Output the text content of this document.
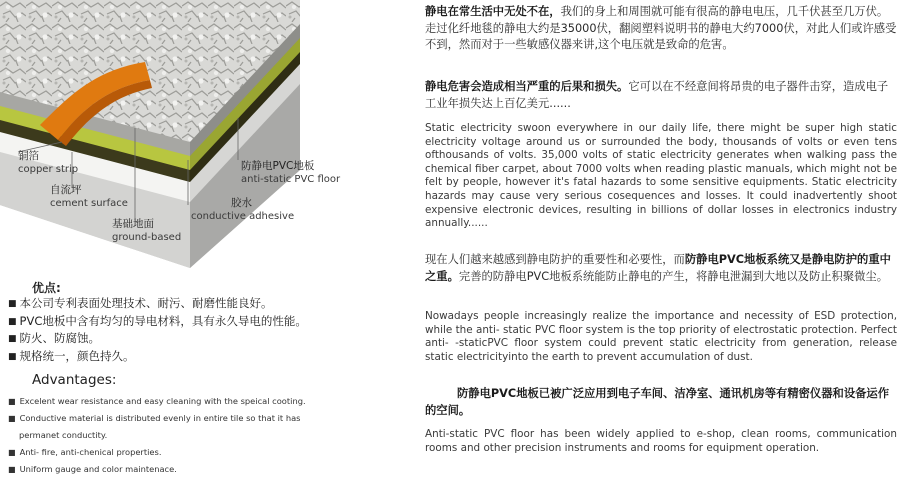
铜箔
copper strip
自流坪
cement surface
基础地面
ground-based
防静电PVC地板
anti-static PVC floor
胶水
conductive adhesive
优点:
■ 本公司专利表面处理技术、耐污、耐磨性能良好。
■ PVC地板中含有均匀的导电材料，具有永久导电的性能。
■ 防火、防腐蚀。
■ 规格统一，颜色持久。
Advantages:
■ Excelent wear resistance and easy cleaning with the speical cooting.
■ Conductive material is distributed evenly in entire tile so that it has
permanet conductity.
■ Anti- fire, anti-chenical properties.
■ Uniform gauge and color maintenace.

静电在常生活中无处不在，我们的身上和周围就可能有很高的静电电压，几千伏甚至几万伏。走过化纤地毯的静电大约是35000伏，翻阅塑料说明书的静电大约7000伏，对此人们或许感受不到，然而对于一些敏感仪器来讲,这个电压就是致命的危害。

静电危害会造成相当严重的后果和损失。它可以在不经意间将昂贵的电子器件击穿，造成电子工业年损失达上百亿美元......

Static electricity swoon everywhere in our daily life, there might be super high static electricity voltage around us or surrounded the body, thousands of volts or even tens ofthousands of volts. 35,000 volts of static electricity generates when walking pass the chemical fiber carpet, about 7000 volts when reading plastic manuals, which might not be felt by people, however it's fatal hazards to some sensitive equipments. Static electricity hazards may cause very serious cosequences and losses. It could inadvertently shoot expensive electronic devices, resulting in billions of dollar losses in electronics industry annually......

现在人们越来越感到静电防护的重要性和必要性，而防静电PVC地板系统又是静电防护的重中之重。完善的防静电PVC地板系统能防止静电的产生，将静电泄漏到大地以及防止积聚微尘。

Nowadays people increasingly realize the importance and necessity of ESD protection, while the anti- static PVC floor system is the top priority of electrostatic protection. Perfect anti- -staticPVC floor system could prevent static electricity from generation, release static electricityinto the earth to prevent accumulation of dust.

防静电PVC地板已被广泛应用到电子车间、洁净室、通讯机房等有精密仪器和设备运作的空间。

Anti-static PVC floor has been widely applied to e-shop, clean rooms, communication rooms and other precision instruments and rooms for equipment operation.
